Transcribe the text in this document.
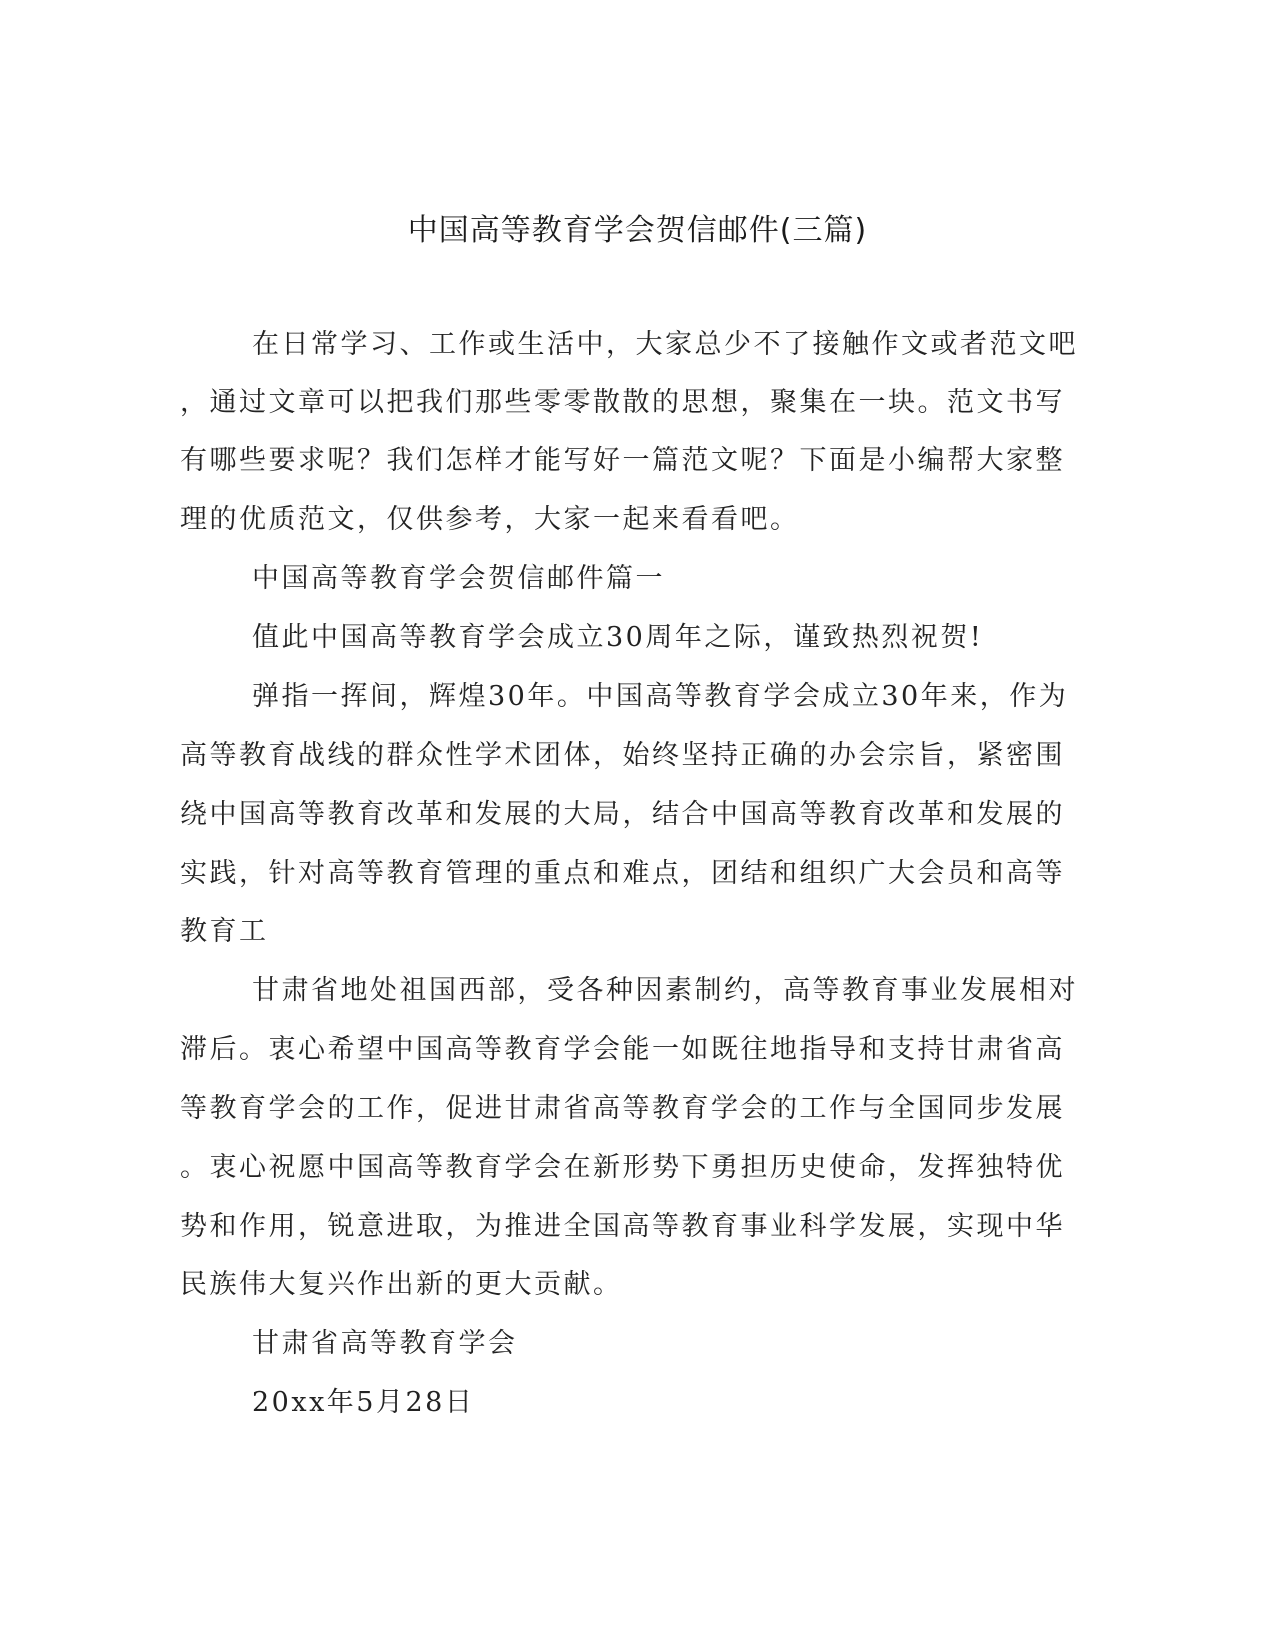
中国高等教育学会贺信邮件(三篇)
在日常学习、工作或生活中，大家总少不了接触作文或者范文吧
，通过文章可以把我们那些零零散散的思想，聚集在一块。范文书写
有哪些要求呢？我们怎样才能写好一篇范文呢？下面是小编帮大家整
理的优质范文，仅供参考，大家一起来看看吧。
中国高等教育学会贺信邮件篇一
值此中国高等教育学会成立30周年之际，谨致热烈祝贺!
弹指一挥间，辉煌30年。中国高等教育学会成立30年来，作为
高等教育战线的群众性学术团体，始终坚持正确的办会宗旨，紧密围
绕中国高等教育改革和发展的大局，结合中国高等教育改革和发展的
实践，针对高等教育管理的重点和难点，团结和组织广大会员和高等
教育工
甘肃省地处祖国西部，受各种因素制约，高等教育事业发展相对
滞后。衷心希望中国高等教育学会能一如既往地指导和支持甘肃省高
等教育学会的工作，促进甘肃省高等教育学会的工作与全国同步发展
。衷心祝愿中国高等教育学会在新形势下勇担历史使命，发挥独特优
势和作用，锐意进取，为推进全国高等教育事业科学发展，实现中华
民族伟大复兴作出新的更大贡献。
甘肃省高等教育学会
20xx年5月28日
